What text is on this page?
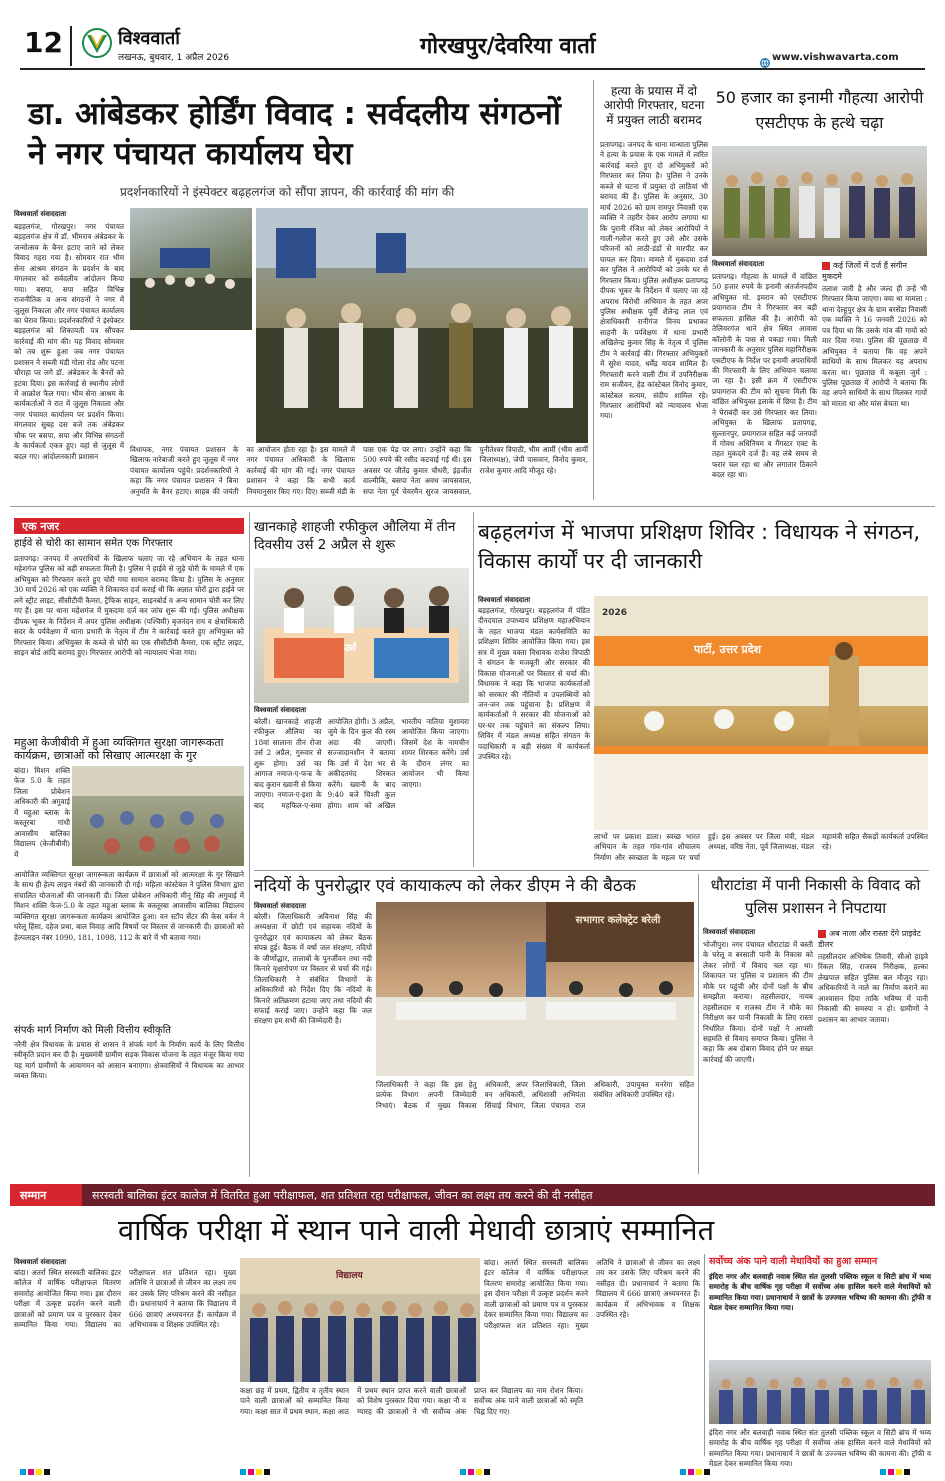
12	विश्ववार्ता
लखनऊ, बुधवार, 1 अप्रैल 2026	गोरखपुर/देवरिया वार्ता	www.vishwavarta.com
डा. आंबेडकर होर्डिंग विवाद : सर्वदलीय संगठनों ने नगर पंचायत कार्यालय घेरा
प्रदर्शनकारियों ने इंस्पेक्टर बढ़हलगंज को सौंपा ज्ञापन, की कार्रवाई की मांग की
विश्ववार्ता संवाददाता
बड़हलगंज, गोरखपुर। नगर पंचायत बड़हलगंज क्षेत्र में डॉ. भीमराव अंबेडकर के जन्मोत्सव के बैनर हटाए जाने को लेकर विवाद गहरा गया है। सोमवार रात भीम सेना आश्रम संगठन के प्रदर्शन के बाद मंगलवार को सर्वदलीय आंदोलन किया गया। बसपा, सपा सहित विभिन्न राजनीतिक व अन्य संगठनों ने नगर में जुलूस निकाला और नगर पंचायत कार्यालय का घेराव किया। प्रदर्शनकारियों ने इंस्पेक्टर बड़हलगंज को शिकायती पत्र सौंपकर कार्रवाई की मांग की। यह विवाद सोमवार को तब शुरू हुआ जब नगर पंचायत प्रशासन ने सब्जी मंडी गोला रोड और पटना चौराहा पर लगे डॉ. अंबेडकर के बैनरों को हटवा दिया। इस कार्रवाई से स्थानीय लोगों में आक्रोश फैल गया। भीम सेना आश्रम के कार्यकर्ताओं ने रात में जुलूस निकाला और नगर पंचायत कार्यालय पर प्रदर्शन किया। मंगलवार सुबह दस बजे तक अंबेडकर चौक पर बसपा, सपा और विभिन्न संगठनों के कार्यकर्ता एकत्र हुए। वहां से जुलूस में बदल गए। आंदोलनकारी प्रशासन
विधायक, नगर पंचायत प्रशासन के खिलाफ नारेबाजी करते हुए जुलूस में नगर पंचायत कार्यालय पहुंचे। प्रदर्शनकारियों ने कहा कि नगर पंचायत प्रशासन ने बिना अनुमति के बैनर हटाए। साहब की जयंती का आयोजन होता रहा है। इस मामले में नगर पंचायत अधिकारी के खिलाफ कार्रवाई की मांग की गई। नगर पंचायत प्रशासन ने कहा कि सभी कार्य नियमानुसार किए गए। दिए। सब्जी मंडी के पास एक पेड़ पर लगा। उन्होंने कहा कि 500 रुपये की रसीद कटवाई गई थी। इस अवसर पर जीतेंद्र कुमार चौधरी, इंद्रजीत वाल्मीकि, बसपा नेता अवध जायसवाल, सपा नेता पूर्व चेयरमैन सुरज जायसवाल, पुनीतेश्वर त्रिपाठी, भीम आर्मी (भीम आर्मी जिलाध्यक्ष), जेपी पासवान, विनोद कुमार, राजेश कुमार आदि मौजूद रहे।
हत्या के प्रयास में दो आरोपी गिरफ्तार, घटना में प्रयुक्त लाठी बरामद
प्रतापगढ़। जनपद के थाना मान्धाता पुलिस ने हत्या के प्रयास के एक मामले में त्वरित कार्रवाई करते हुए दो अभियुक्तों को गिरफ्तार कर लिया है। पुलिस ने उनके कब्जे से घटना में प्रयुक्त दो लाठियां भी बरामद की हैं। पुलिस के अनुसार, 30 मार्च 2026 को ग्राम रामपुर निवासी एक व्यक्ति ने तहरीर देकर आरोप लगाया था कि पुरानी रंजिश को लेकर आरोपियों ने गाली-गलौज करते हुए उसे और उसके परिजनों को लाठी-डंडों से मारपीट कर घायल कर दिया। मामले में मुकदमा दर्ज कर पुलिस ने आरोपियों को उनके घर से गिरफ्तार किया। पुलिस अधीक्षक प्रतापगढ़ दीपक भूकर के निर्देशन में चलाए जा रहे अपराध विरोधी अभियान के तहत अपर पुलिस अधीक्षक पूर्वी शैलेन्द्र लाल एवं क्षेत्राधिकारी रानीगंज विनय प्रभाकर साहनी के पर्यवेक्षण में थाना प्रभारी अखिलेन्द्र कुमार सिंह के नेतृत्व में पुलिस टीम ने कार्रवाई की। गिरफ्तार अभियुक्तों में सुरेश यादव, धर्मेंद्र यादव शामिल हैं। गिरफ्तारी करने वाली टीम में उपनिरीक्षक राम सजीवन, हेड कांस्टेबल विनोद कुमार, कांस्टेबल सत्यम, संदीप शामिल रहे। गिरफ्तार आरोपियों को न्यायालय भेजा गया।
50 हजार का इनामी गौहत्या आरोपी एसटीएफ के हत्थे चढ़ा
विश्ववार्ता संवाददाता	कई जिलों में दर्ज हैं संगीन मुकदमे
प्रतापगढ़। गौहत्या के मामले में वांछित 50 हजार रुपये के इनामी अंतर्जनपदीय अभियुक्त मो. इमरान को एसटीएफ प्रयागराज टीम ने गिरफ्तार कर बड़ी सफलता हासिल की है। आरोपी को तेलियरगंज थाने क्षेत्र स्थित आवास कॉलोनी के पास से पकड़ा गया। मिली जानकारी के अनुसार पुलिस महानिरीक्षक एसटीएफ के निर्देश पर इनामी अपराधियों की गिरफ्तारी के लिए अभियान चलाया जा रहा है। इसी क्रम में एसटीएफ प्रयागराज की टीम को सूचना मिली कि वांछित अभियुक्त इलाके में छिपा है। टीम ने घेराबंदी कर उसे गिरफ्तार कर लिया। अभियुक्त के खिलाफ प्रतापगढ़, सुल्तानपुर, प्रयागराज सहित कई जनपदों में गोवध अधिनियम व गैंगस्टर एक्ट के तहत मुकदमे दर्ज हैं। वह लंबे समय से फरार चल रहा था और लगातार ठिकाने बदल रहा था।
तलाश जारी है और जल्द ही उन्हें भी गिरफ्तार किया जाएगा। क्या था मामला : थाना देल्हूपुर क्षेत्र के ग्राम बरसेंडा निवासी एक व्यक्ति ने 16 जनवरी 2026 को पत्र दिया था कि उसके गांव की गायों को मार दिया गया। पुलिस की पूछताछ में अभियुक्त ने बताया कि वह अपने साथियों के साथ मिलकर यह अपराध करता था। पूछताछ में कबूला जुर्म : पुलिस पूछताछ में आरोपी ने बताया कि वह अपने साथियों के साथ मिलकर गायों को मारता था और मांस बेचता था।
एक नजर
हाईवे से चोरी का सामान समेत एक गिरफ्तार
प्रतापगढ़। जनपद में अपराधियों के खिलाफ चलाए जा रहे अभियान के तहत थाना महेशगंज पुलिस को बड़ी सफलता मिली है। पुलिस ने हाईवे से जुड़े चोरी के मामले में एक अभियुक्त को गिरफ्तार करते हुए चोरी गया सामान बरामद किया है। पुलिस के अनुसार 30 मार्च 2026 को एक व्यक्ति ने शिकायत दर्ज कराई थी कि अज्ञात चोरों द्वारा हाईवे पर लगे स्ट्रीट लाइट, सीसीटीवी कैमरा, ट्रैफिक साइन, साइनबोर्ड व अन्य सामान चोरी कर लिए गए हैं। इस पर थाना महेशगंज में मुकदमा दर्ज कर जांच शुरू की गई। पुलिस अधीक्षक दीपक भूकर के निर्देशन में अपर पुलिस अधीक्षक (पश्चिमी) बृजनंदन राय व क्षेत्राधिकारी सदर के पर्यवेक्षण में थाना प्रभारी के नेतृत्व में टीम ने कार्रवाई करते हुए अभियुक्त को गिरफ्तार किया। अभियुक्त के कब्जे से चोरी का एक सीसीटीवी कैमरा, एक स्ट्रीट लाइट, साइन बोर्ड आदि बरामद हुए। गिरफ्तार आरोपी को न्यायालय भेजा गया।
महुआ केजीबीवी में हुआ व्यक्तिगत सुरक्षा जागरूकता कार्यक्रम, छात्राओं को सिखाए आत्मरक्षा के गुर
बांदा। मिशन शक्ति फेज 5.0 के तहत जिला प्रोबेशन अधिकारी की अगुवाई में महुआ ब्लाक के कस्तूरबा गांधी आवासीय बालिका विद्यालय (केजीबीवी) में
आयोजित व्यक्तिगत सुरक्षा जागरूकता कार्यक्रम में छात्राओं को आत्मरक्षा के गुर सिखाने के साथ ही हेल्प लाइन नंबरों की जानकारी दी गई। महिला कांस्टेबल ने पुलिस विभाग द्वारा संचालित योजनाओं की जानकारी दी। जिला प्रोबेशन अधिकारी मीनू सिंह की अगुवाई में मिशन शक्ति फेज-5.0 के तहत महुआ ब्लाक के कस्तूरबा आवासीय बालिका विद्यालय व्यक्तिगत सुरक्षा जागरूकता कार्यक्रम आयोजित हुआ। वन स्टॉप सेंटर की केस वर्कर ने घरेलू हिंसा, दहेज प्रथा, बाल विवाह आदि विषयों पर विस्तार से जानकारी दी। छात्राओं को हेल्पलाइन नंबर 1090, 181, 1098, 112 के बारे में भी बताया गया।
संपर्क मार्ग निर्माण को मिली वित्तीय स्वीकृति
नरैनी क्षेत्र विधायक के प्रयास से शासन ने संपर्क मार्ग के निर्माण कार्य के लिए वित्तीय स्वीकृति प्रदान कर दी है। मुख्यमंत्री ग्रामीण सड़क विकास योजना के तहत मंजूर किया गया यह मार्ग ग्रामीणों के आवागमन को आसान बनाएगा। क्षेत्रवासियों ने विधायक का आभार व्यक्त किया।
खानकाहे शाहजी रफीकुल औलिया में तीन दिवसीय उर्स 2 अप्रैल से शुरू
उर्स
विश्ववार्ता संवाददाता
बरेली। खानकाहे शाहजी रफीकुल औलिया का 18वां सालाना तीन रोजा उर्स 2 अप्रैल, गुरुवार से शुरू होगा। उर्स का आगाज नमाज-ए-फज्र के बाद कुरान ख्वानी से किया जाएगा। नमाज-ए-इशा के बाद महफिल-ए-समा आयोजित होगी। 3 अप्रैल, जुमे के दिन कुल की रस्म अदा की जाएगी। सज्जादानशीन ने बताया कि उर्स में देश भर से अकीदतमंद शिरकत करेंगे। ख्वानी के बाद 9:40 बजे चिश्ती कुल होगा। शाम को अखिल भारतीय नातिया मुशायरा आयोजित किया जाएगा। जिसमें देश के नामचीन शायर शिरकत करेंगे। उर्स के दौरान लंगर का आयोजन भी किया जाएगा।
बढ़हलगंज में भाजपा प्रशिक्षण शिविर : विधायक ने संगठन, विकास कार्यों पर दी जानकारी
विश्ववार्ता संवाददाता
बड़हलगंज, गोरखपुर। बड़हलगंज में पंडित दीनदयाल उपाध्याय प्रशिक्षण महाअभियान के तहत भाजपा मंडल कार्यसमिति का प्रशिक्षण शिविर आयोजित किया गया। इस सत्र में मुख्य वक्ता विधायक राजेश त्रिपाठी ने संगठन के मजबूती और सरकार की विकास योजनाओं पर विस्तार से चर्चा की। विधायक ने कहा कि भाजपा कार्यकर्ताओं को सरकार की नीतियों व उपलब्धियों को जन-जन तक पहुंचाना है। प्रशिक्षण में कार्यकर्ताओं ने सरकार की योजनाओं को घर-घर तक पहुंचाने का संकल्प लिया। शिविर में मंडल अध्यक्ष सहित संगठन के पदाधिकारी व बड़ी संख्या में कार्यकर्ता उपस्थित रहे।
2026
पार्टी, उत्तर प्रदेश
लाभों पर प्रकाश डाला। स्वच्छ भारत अभियान के तहत गांव-गांव शौचालय निर्माण और स्वच्छता के महत्व पर चर्चा हुई। इस अवसर पर जिला मंत्री, मंडल अध्यक्ष, वरिष्ठ नेता, पूर्व जिलाध्यक्ष, मंडल महामंत्री सहित सैकड़ों कार्यकर्ता उपस्थित रहे।
नदियों के पुनरोद्धार एवं कायाकल्प को लेकर डीएम ने की बैठक
विश्ववार्ता संवाददाता
बरेली। जिलाधिकारी अविनाश सिंह की अध्यक्षता में छोटी एवं सहायक नदियों के पुनरोद्धार एवं कायाकल्प को लेकर बैठक संपन्न हुई। बैठक में वर्षा जल संरक्षण, नदियों के जीर्णोद्धार, तालाबों के पुनर्जीवन तथा नदी किनारे वृक्षारोपण पर विस्तार से चर्चा की गई। जिलाधिकारी ने संबंधित विभागों के अधिकारियों को निर्देश दिए कि नदियों के किनारे अतिक्रमण हटाया जाए तथा नदियों की सफाई कराई जाए। उन्होंने कहा कि जल संरक्षण हम सभी की जिम्मेदारी है।
सभागार कलेक्ट्रेट बरेली
जिलाधिकारी ने कहा कि इस हेतु प्रत्येक विभाग अपनी जिम्मेदारी निभाएं। बैठक में मुख्य विकास अधिकारी, अपर जिलाधिकारी, जिला वन अधिकारी, अधिशासी अभियंता सिंचाई विभाग, जिला पंचायत राज अधिकारी, उपायुक्त मनरेगा सहित संबंधित अधिकारी उपस्थित रहे।
धौराटांडा में पानी निकासी के विवाद को पुलिस प्रशासन ने निपटाया
विश्ववार्ता संवाददाता	अब नाला और रास्ता देंगे प्राइवेट डीलर
भोजीपुरा। नगर पंचायत धौराटांडा में बस्ती के घरेलू व बरसाती पानी के निकास को लेकर लोगों में विवाद चल रहा था। शिकायत पर पुलिस व प्रशासन की टीम मौके पर पहुंची और दोनों पक्षों के बीच समझौता कराया। तहसीलदार, नायब तहसीलदार व राजस्व टीम ने मौके का निरीक्षण कर पानी निकासी के लिए रास्ता निर्धारित किया। दोनों पक्षों ने आपसी सहमति से विवाद समाप्त किया। पुलिस ने कहा कि अब दोबारा विवाद होने पर सख्त कार्रवाई की जाएगी।
तहसीलदार अभिषेक तिवारी, सीओ हाइवे रिंकल सिंह, राजस्व निरीक्षक, हल्का लेखपाल सहित पुलिस बल मौजूद रहा। अधिकारियों ने नाले का निर्माण कराने का आश्वासन दिया ताकि भविष्य में पानी निकासी की समस्या न हो। ग्रामीणों ने प्रशासन का आभार जताया।
सम्मान	सरस्वती बालिका इंटर कालेज में वितरित हुआ परीक्षाफल, शत प्रतिशत रहा परीक्षाफल, जीवन का लक्ष्य तय करने की दी नसीहत
वार्षिक परीक्षा में स्थान पाने वाली मेधावी छात्राएं सम्मानित
विश्ववार्ता संवाददाता
बांदा। अतर्रा स्थित सरस्वती बालिका इंटर कॉलेज में वार्षिक परीक्षाफल वितरण समारोह आयोजित किया गया। इस दौरान परीक्षा में उत्कृष्ट प्रदर्शन करने वाली छात्राओं को प्रमाण पत्र व पुरस्कार देकर सम्मानित किया गया। विद्यालय का परीक्षाफल शत प्रतिशत रहा। मुख्य अतिथि ने छात्राओं से जीवन का लक्ष्य तय कर उसके लिए परिश्रम करने की नसीहत दी। प्रधानाचार्य ने बताया कि विद्यालय में 666 छात्राएं अध्ययनरत हैं। कार्यक्रम में अभिभावक व शिक्षक उपस्थित रहे।
विद्यालय
कक्षा छह में प्रथम, द्वितीय व तृतीय स्थान पाने वाली छात्राओं को सम्मानित किया गया। कक्षा सात में प्रथम स्थान, कक्षा आठ में प्रथम स्थान प्राप्त करने वाली छात्राओं को विशेष पुरस्कार दिया गया। कक्षा नौ व ग्यारह की छात्राओं ने भी सर्वोच्च अंक प्राप्त कर विद्यालय का नाम रोशन किया। सर्वोच्च अंक पाने वाली छात्राओं को स्मृति चिह्न दिए गए।
बांदा। अतर्रा स्थित सरस्वती बालिका इंटर कॉलेज में वार्षिक परीक्षाफल वितरण समारोह आयोजित किया गया। इस दौरान परीक्षा में उत्कृष्ट प्रदर्शन करने वाली छात्राओं को प्रमाण पत्र व पुरस्कार देकर सम्मानित किया गया। विद्यालय का परीक्षाफल शत प्रतिशत रहा। मुख्य अतिथि ने छात्राओं से जीवन का लक्ष्य तय कर उसके लिए परिश्रम करने की नसीहत दी। प्रधानाचार्य ने बताया कि विद्यालय में 666 छात्राएं अध्ययनरत हैं। कार्यक्रम में अभिभावक व शिक्षक उपस्थित रहे।
सर्वोच्च अंक पाने वाली मेधावियों का हुआ सम्मान
इंदिरा नगर और बलवाही नवाब स्थित संत तुलसी पब्लिक स्कूल व सिटी ब्रांच में भव्य समारोह के बीच वार्षिक गृह परीक्षा में सर्वोच्च अंक हासिल करने वाले मेधावियों को सम्मानित किया गया। प्रधानाचार्य ने छात्रों के उज्ज्वल भविष्य की कामना की। ट्रॉफी व मेडल देकर सम्मानित किया गया।
इंदिरा नगर और बलवाही नवाब स्थित संत तुलसी पब्लिक स्कूल व सिटी ब्रांच में भव्य समारोह के बीच वार्षिक गृह परीक्षा में सर्वोच्च अंक हासिल करने वाले मेधावियों को सम्मानित किया गया। प्रधानाचार्य ने छात्रों के उज्ज्वल भविष्य की कामना की। ट्रॉफी व मेडल देकर सम्मानित किया गया।
